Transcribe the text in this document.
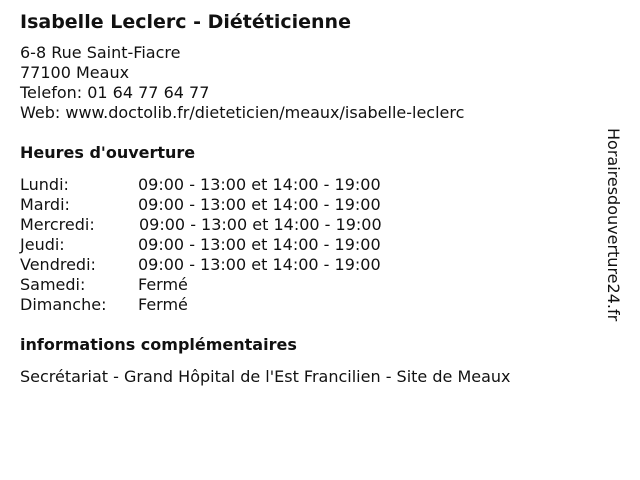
Isabelle Leclerc - Diététicienne
6-8 Rue Saint-Fiacre
77100 Meaux
Telefon: 01 64 77 64 77
Web: www.doctolib.fr/dieteticien/meaux/isabelle-leclerc
Heures d'ouverture
Lundi:	09:00 - 13:00 et 14:00 - 19:00
Mardi:	09:00 - 13:00 et 14:00 - 19:00
Mercredi:	09:00 - 13:00 et 14:00 - 19:00
Jeudi:	09:00 - 13:00 et 14:00 - 19:00
Vendredi:	09:00 - 13:00 et 14:00 - 19:00
Samedi:	Fermé
Dimanche:	Fermé
informations complémentaires
Secrétariat - Grand Hôpital de l'Est Francilien - Site de Meaux
Horairesdouverture24.fr
